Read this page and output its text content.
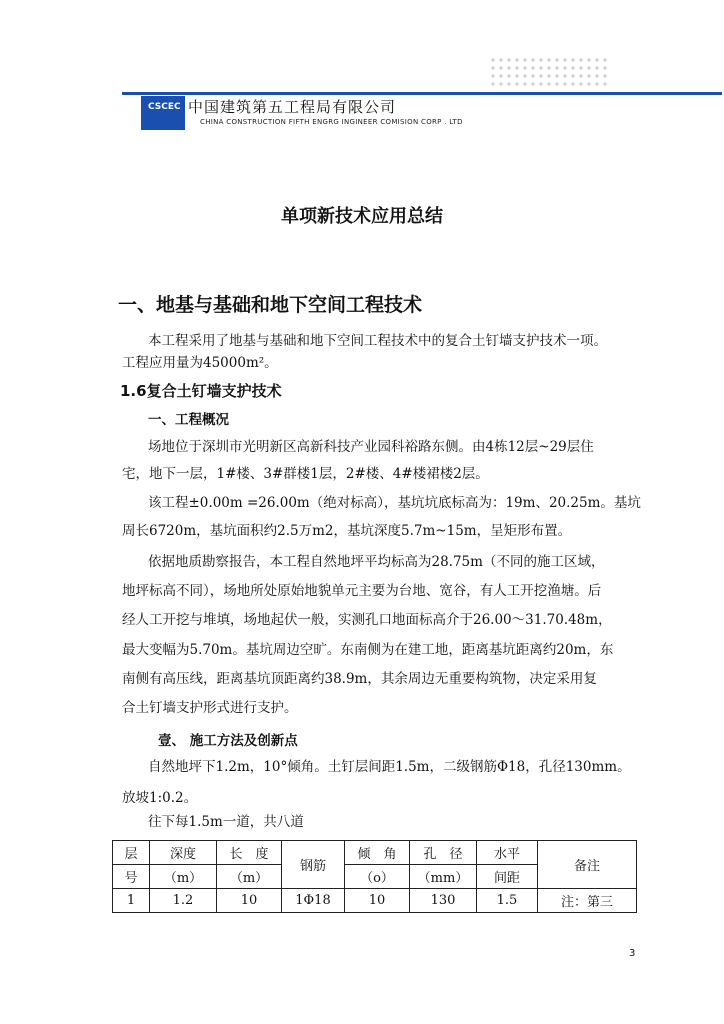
CSCEC 中国建筑第五工程局有限公司
CHINA CONSTRUCTION FIFTH ENGRG INGINEER COMISION CORP . LTD
单项新技术应用总结
一、地基与基础和地下空间工程技术
本工程采用了地基与基础和地下空间工程技术中的复合土钉墙支护技术一项。
工程应用量为45000m²。
1.6复合土钉墙支护技术
一、工程概况
场地位于深圳市光明新区高新科技产业园科裕路东侧。由4栋12层~29层住
宅，地下一层，1#楼、3#群楼1层，2#楼、4#楼裙楼2层。
该工程±0.00m =26.00m（绝对标高），基坑坑底标高为：19m、20.25m。基坑
周长6720m，基坑面积约2.5万m2，基坑深度5.7m~15m，呈矩形布置。
依据地质勘察报告，本工程自然地坪平均标高为28.75m（不同的施工区域，
地坪标高不同），场地所处原始地貌单元主要为台地、宽谷，有人工开挖渔塘。后
经人工开挖与堆填，场地起伏一般，实测孔口地面标高介于26.00～31.70.48m，
最大变幅为5.70m。基坑周边空旷。东南侧为在建工地，距离基坑距离约20m，东
南侧有高压线，距离基坑顶距离约38.9m，其余周边无重要构筑物，决定采用复
合土钉墙支护形式进行支护。
壹、 施工方法及创新点
自然地坪下1.2m，10°倾角。土钉层间距1.5m，二级钢筋Φ18，孔径130mm。
放坡1:0.2。
往下每1.5m一道，共八道
层	深度	长　度	钢筋	倾　角	孔　径	水平	备注
号	（m）	（m）		（o）	（mm）	间距	
1	1.2	10	1Φ18	10	130	1.5	注：第三
3
